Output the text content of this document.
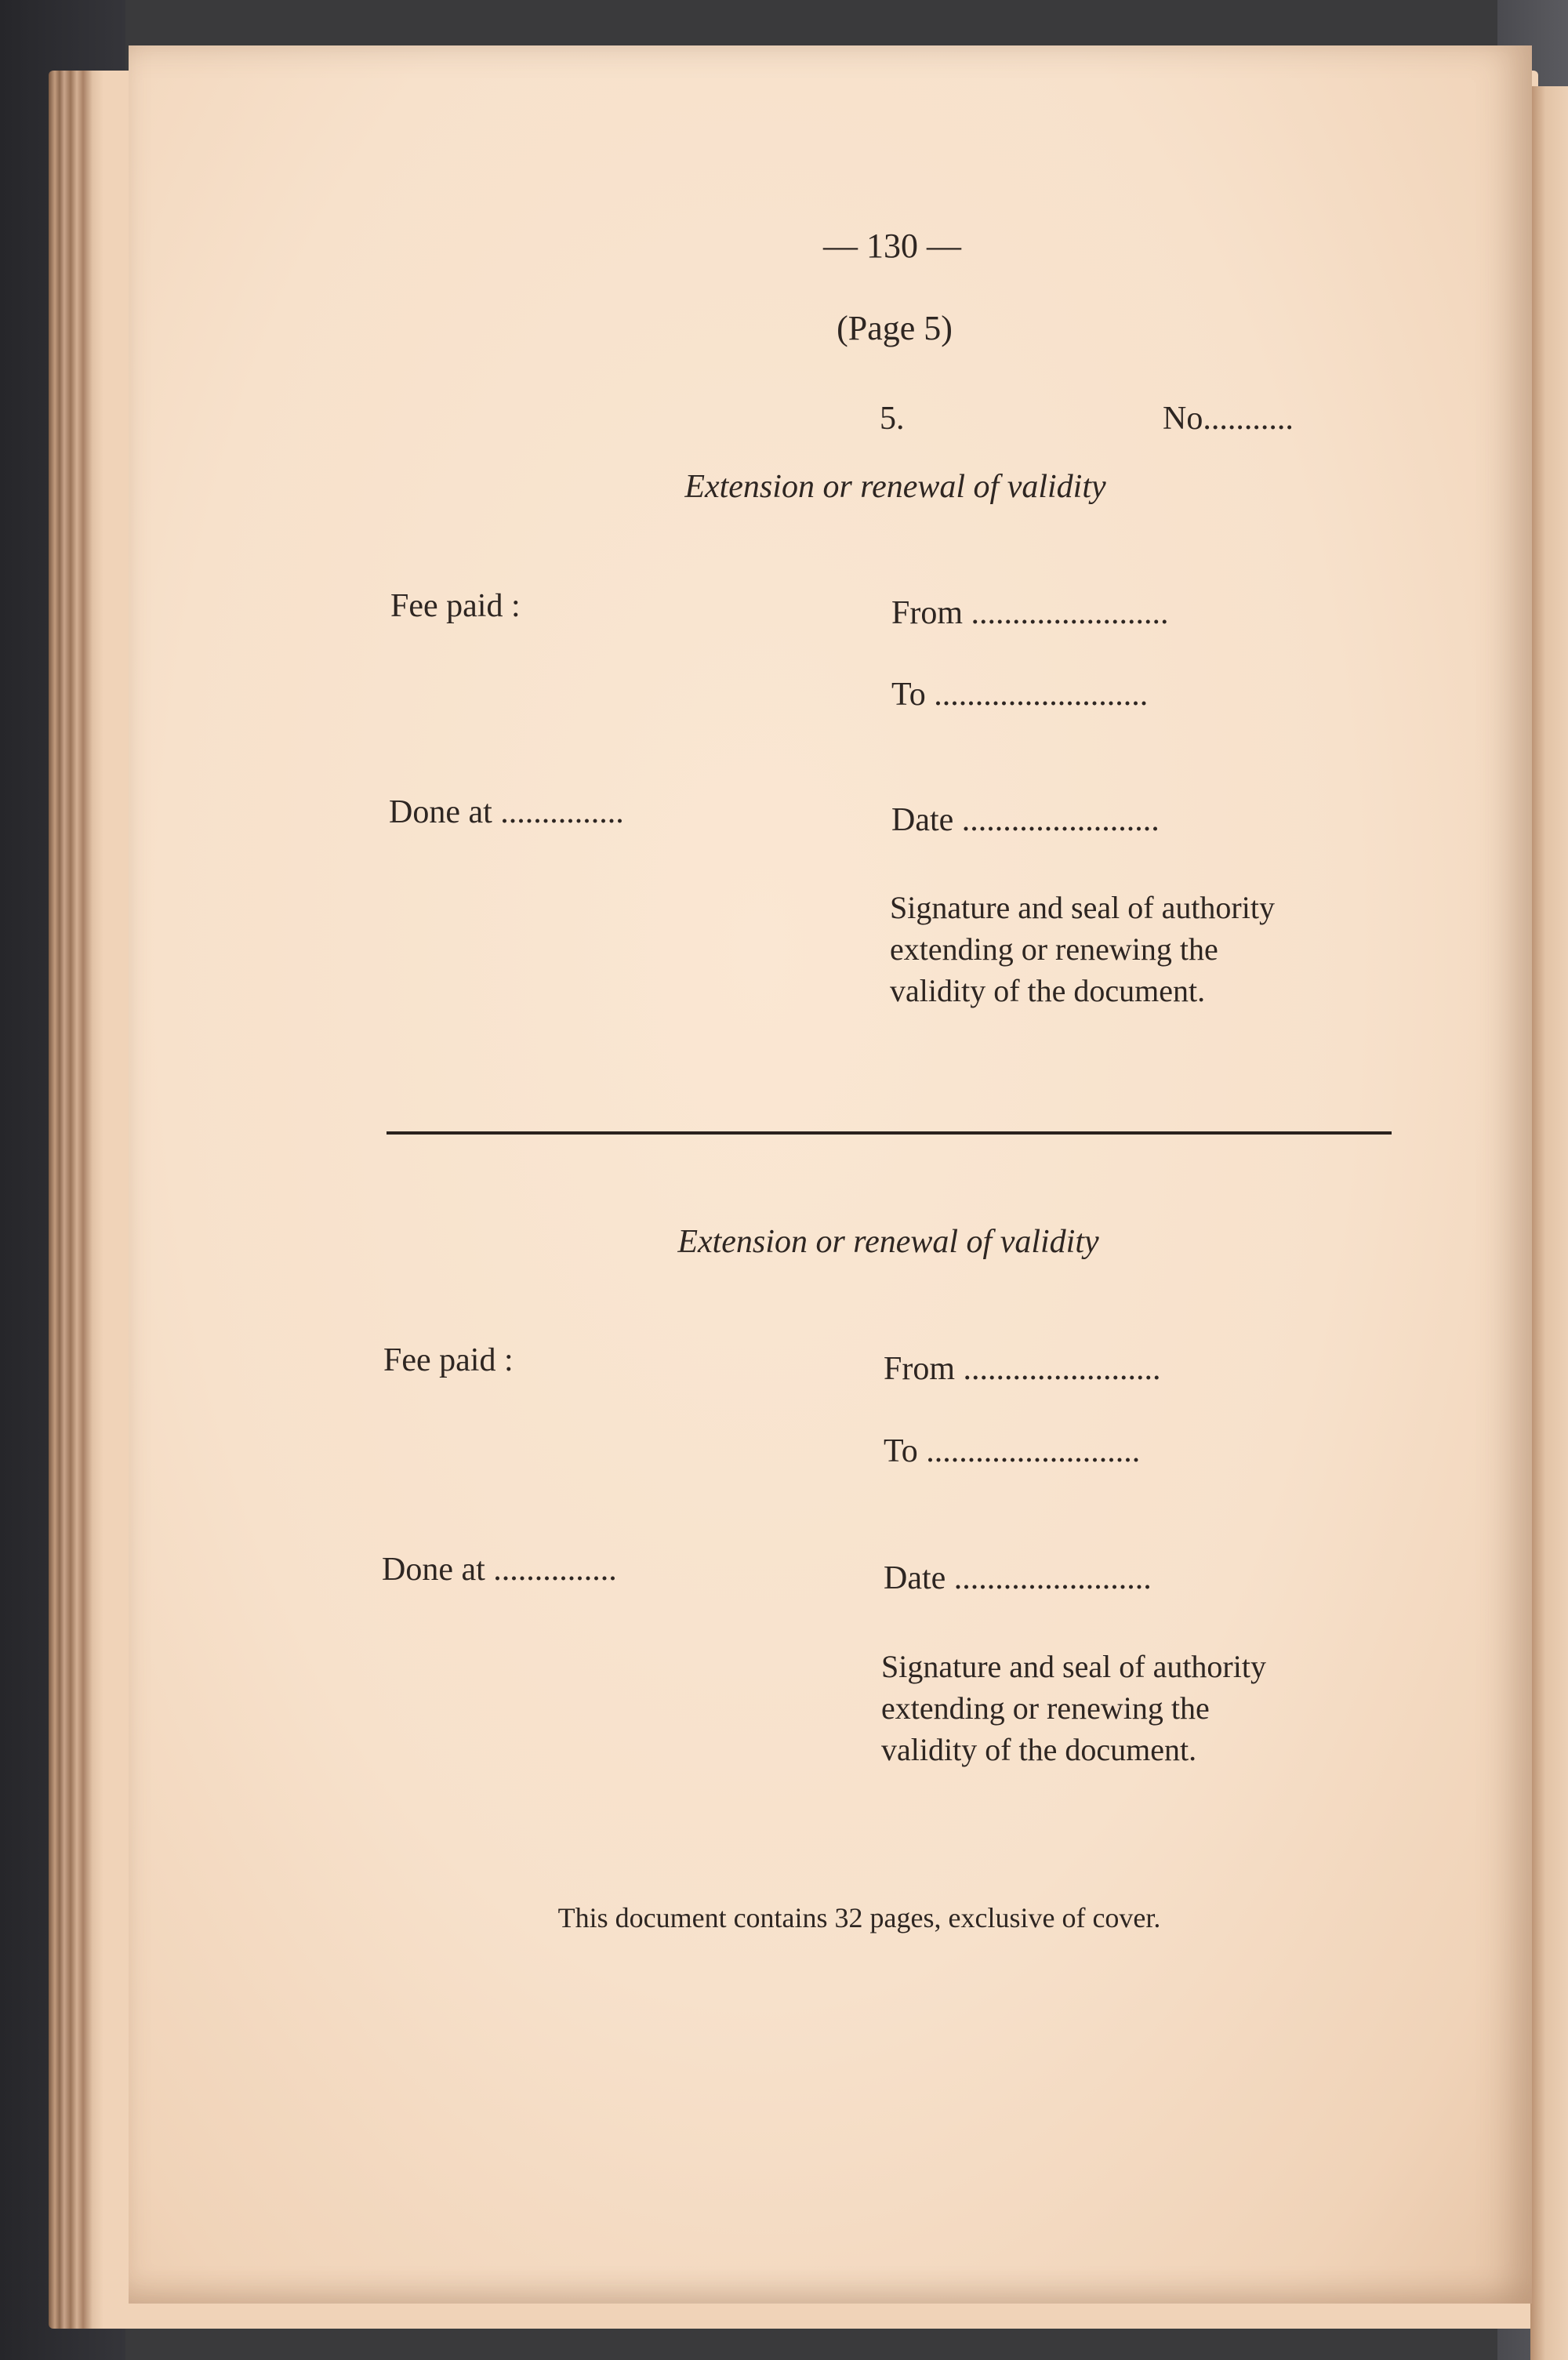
— 130 —

(Page 5)

5.	No...........

Extension or renewal of validity

Fee paid :	From ........................

To ..........................

Done at ...............	Date ........................

Signature and seal of authority
extending or renewing the
validity of the document.

Extension or renewal of validity

Fee paid :	From ........................

To ..........................

Done at ...............	Date ........................

Signature and seal of authority
extending or renewing the
validity of the document.

This document contains 32 pages, exclusive of cover.
